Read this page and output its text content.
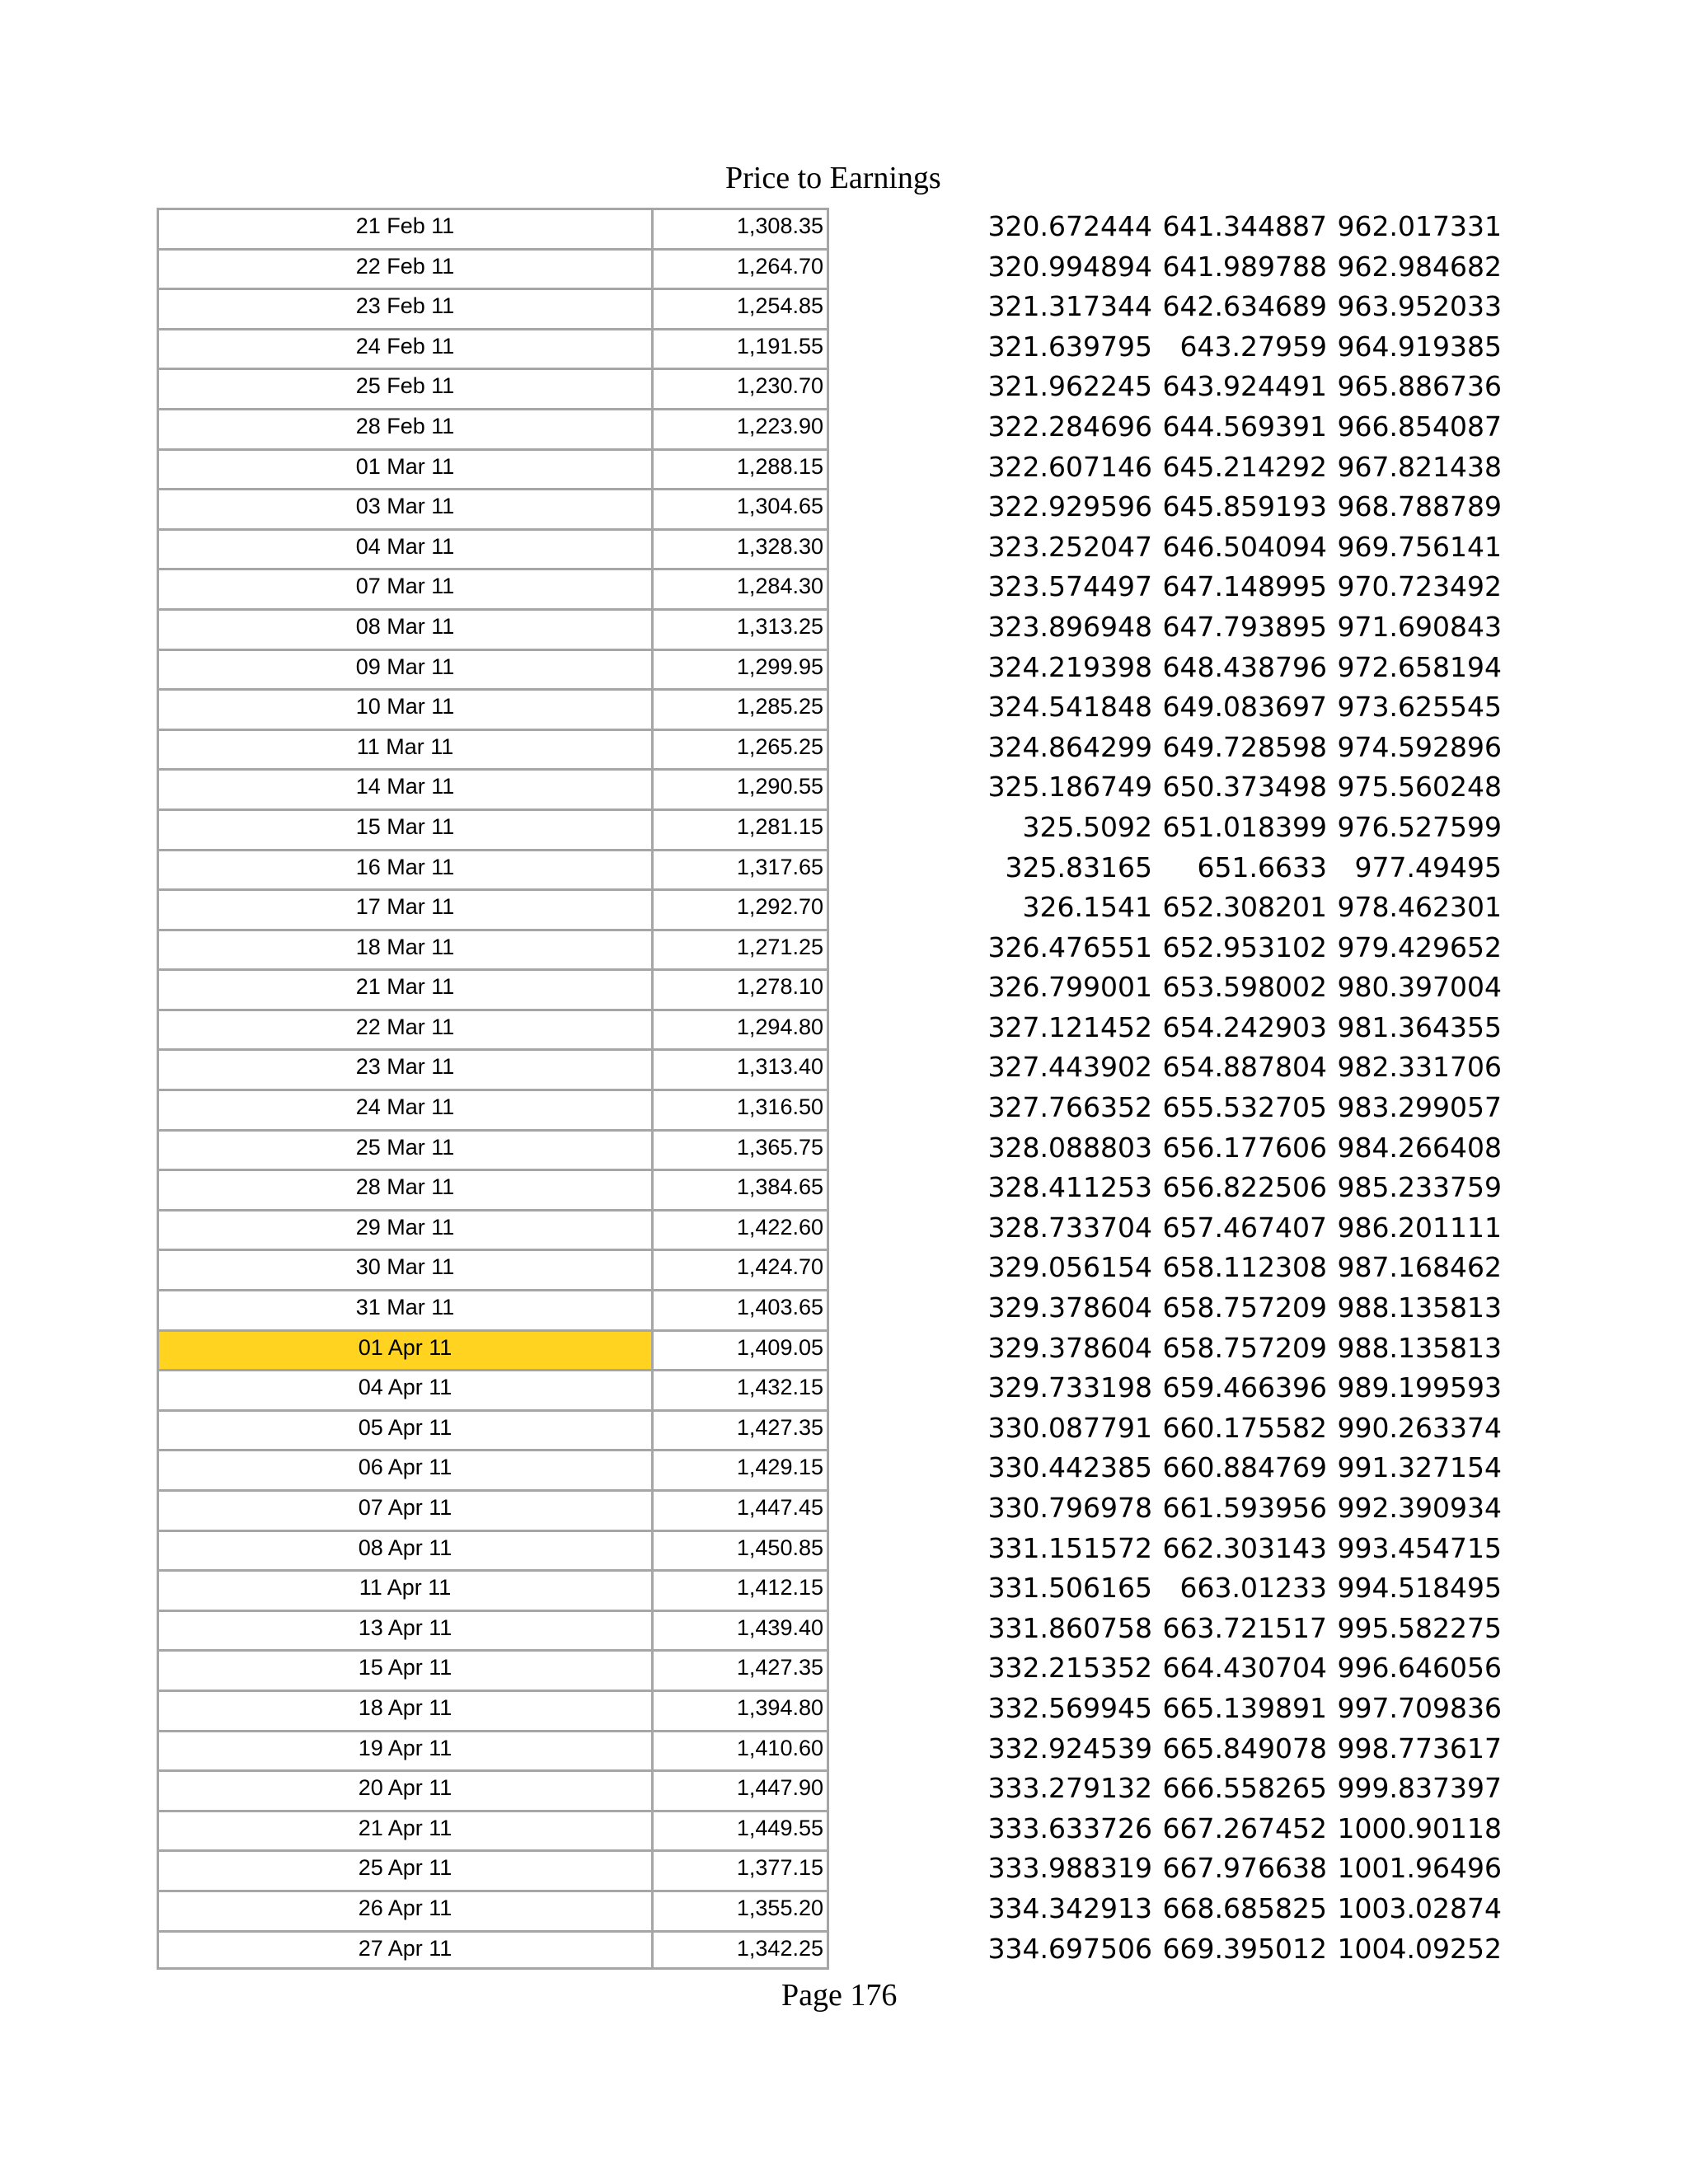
Price to Earnings
21 Feb 11	1,308.35	320.672444 641.344887 962.017331
22 Feb 11	1,264.70	320.994894 641.989788 962.984682
23 Feb 11	1,254.85	321.317344 642.634689 963.952033
24 Feb 11	1,191.55	321.639795 643.27959 964.919385
25 Feb 11	1,230.70	321.962245 643.924491 965.886736
28 Feb 11	1,223.90	322.284696 644.569391 966.854087
01 Mar 11	1,288.15	322.607146 645.214292 967.821438
03 Mar 11	1,304.65	322.929596 645.859193 968.788789
04 Mar 11	1,328.30	323.252047 646.504094 969.756141
07 Mar 11	1,284.30	323.574497 647.148995 970.723492
08 Mar 11	1,313.25	323.896948 647.793895 971.690843
09 Mar 11	1,299.95	324.219398 648.438796 972.658194
10 Mar 11	1,285.25	324.541848 649.083697 973.625545
11 Mar 11	1,265.25	324.864299 649.728598 974.592896
14 Mar 11	1,290.55	325.186749 650.373498 975.560248
15 Mar 11	1,281.15	325.5092 651.018399 976.527599
16 Mar 11	1,317.65	325.83165 651.6633 977.49495
17 Mar 11	1,292.70	326.1541 652.308201 978.462301
18 Mar 11	1,271.25	326.476551 652.953102 979.429652
21 Mar 11	1,278.10	326.799001 653.598002 980.397004
22 Mar 11	1,294.80	327.121452 654.242903 981.364355
23 Mar 11	1,313.40	327.443902 654.887804 982.331706
24 Mar 11	1,316.50	327.766352 655.532705 983.299057
25 Mar 11	1,365.75	328.088803 656.177606 984.266408
28 Mar 11	1,384.65	328.411253 656.822506 985.233759
29 Mar 11	1,422.60	328.733704 657.467407 986.201111
30 Mar 11	1,424.70	329.056154 658.112308 987.168462
31 Mar 11	1,403.65	329.378604 658.757209 988.135813
01 Apr 11	1,409.05	329.378604 658.757209 988.135813
04 Apr 11	1,432.15	329.733198 659.466396 989.199593
05 Apr 11	1,427.35	330.087791 660.175582 990.263374
06 Apr 11	1,429.15	330.442385 660.884769 991.327154
07 Apr 11	1,447.45	330.796978 661.593956 992.390934
08 Apr 11	1,450.85	331.151572 662.303143 993.454715
11 Apr 11	1,412.15	331.506165 663.01233 994.518495
13 Apr 11	1,439.40	331.860758 663.721517 995.582275
15 Apr 11	1,427.35	332.215352 664.430704 996.646056
18 Apr 11	1,394.80	332.569945 665.139891 997.709836
19 Apr 11	1,410.60	332.924539 665.849078 998.773617
20 Apr 11	1,447.90	333.279132 666.558265 999.837397
21 Apr 11	1,449.55	333.633726 667.267452 1000.90118
25 Apr 11	1,377.15	333.988319 667.976638 1001.96496
26 Apr 11	1,355.20	334.342913 668.685825 1003.02874
27 Apr 11	1,342.25	334.697506 669.395012 1004.09252
Page 176
